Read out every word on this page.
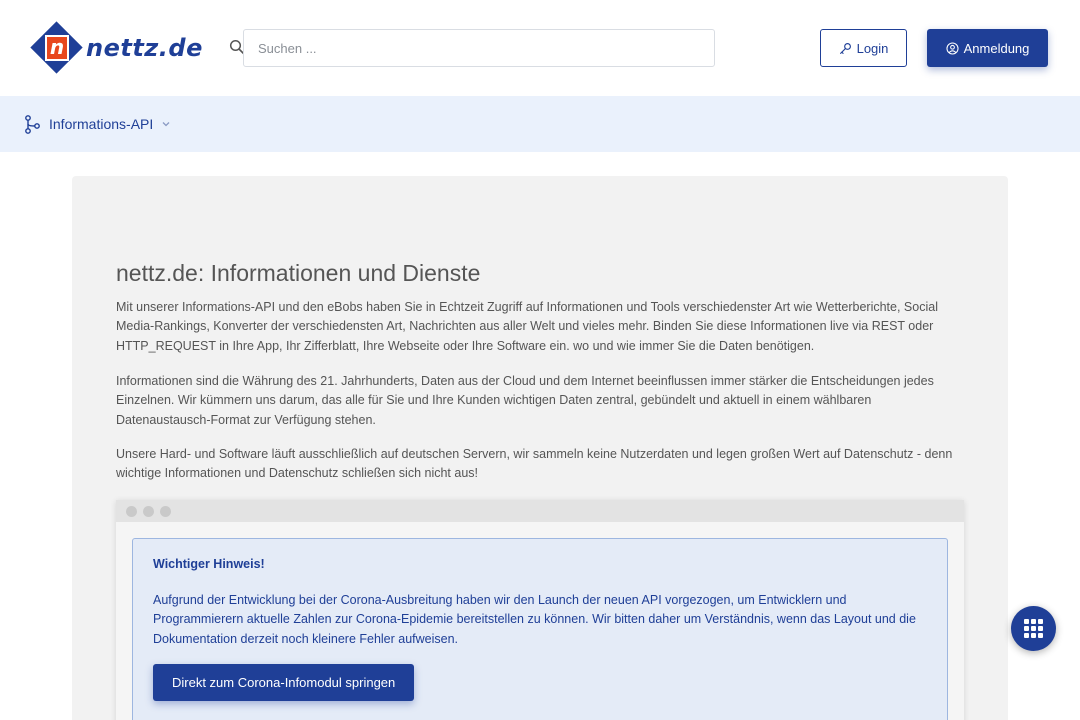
n nettz.de
Suchen ...	Login	Anmeldung
Informations-API
nettz.de: Informationen und Dienste

Mit unserer Informations-API und den eBobs haben Sie in Echtzeit Zugriff auf Informationen und Tools verschiedenster Art wie Wetterberichte, Social Media-Rankings, Konverter der verschiedensten Art, Nachrichten aus aller Welt und vieles mehr. Binden Sie diese Informationen live via REST oder HTTP_REQUEST in Ihre App, Ihr Zifferblatt, Ihre Webseite oder Ihre Software ein. wo und wie immer Sie die Daten benötigen.

Informationen sind die Währung des 21. Jahrhunderts, Daten aus der Cloud und dem Internet beeinflussen immer stärker die Entscheidungen jedes Einzelnen. Wir kümmern uns darum, das alle für Sie und Ihre Kunden wichtigen Daten zentral, gebündelt und aktuell in einem wählbaren Datenaustausch-Format zur Verfügung stehen.

Unsere Hard- und Software läuft ausschließlich auf deutschen Servern, wir sammeln keine Nutzerdaten und legen großen Wert auf Datenschutz - denn wichtige Informationen und Datenschutz schließen sich nicht aus!

Wichtiger Hinweis!

Aufgrund der Entwicklung bei der Corona-Ausbreitung haben wir den Launch der neuen API vorgezogen, um Entwicklern und Programmierern aktuelle Zahlen zur Corona-Epidemie bereitstellen zu können. Wir bitten daher um Verständnis, wenn das Layout und die Dokumentation derzeit noch kleinere Fehler aufweisen.

Direkt zum Corona-Infomodul springen
